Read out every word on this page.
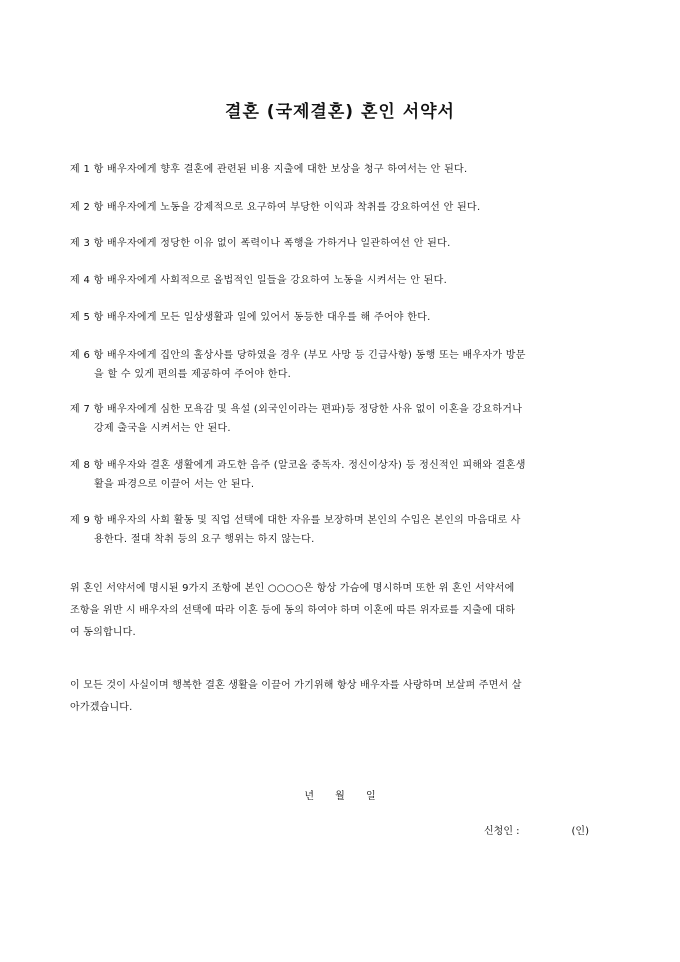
결혼 (국제결혼) 혼인 서약서
제 1 항 배우자에게 향후 결혼에 관련된 비용 지출에 대한 보상을 청구 하여서는 안 된다.
제 2 항 배우자에게 노동을 강제적으로 요구하여 부당한 이익과 착취를 강요하여선 안 된다.
제 3 항 배우자에게 정당한 이유 없이 폭력이나 폭행을 가하거나 일관하여선 안 된다.
제 4 항 배우자에게 사회적으로 올법적인 일들을 강요하여 노동을 시켜서는 안 된다.
제 5 항 배우자에게 모든 일상생활과 일에 있어서 동등한 대우를 해 주어야 한다.
제 6 항 배우자에게 집안의 홀상사를 당하였을 경우 (부모 사망 등 긴급사항) 동행 또는 배우자가 방문
을 할 수 있게 편의를 제공하여 주어야 한다.
제 7 항 배우자에게 심한 모욕감 및 욕설 (외국인이라는 편파)등 정당한 사유 없이 이혼을 강요하거나
강제 출국을 시켜서는 안 된다.
제 8 항 배우자와 결혼 생활에게 과도한 음주 (알코올 중독자. 정신이상자) 등 정신적인 피해와 결혼생
활을 파경으로 이끌어 서는 안 된다.
제 9 항 배우자의 사회 활동 및 직업 선택에 대한 자유를 보장하며 본인의 수입은 본인의 마음대로 사
용한다. 절대 착취 등의 요구 행위는 하지 않는다.
위 혼인 서약서에 명시된 9가지 조항에 본인 ○○○○은 항상 가슴에 명시하며 또한 위 혼인 서약서에
조항을 위반 시 배우자의 선택에 따라 이혼 등에 동의 하여야 하며 이혼에 따른 위자료를 지출에 대하
여 동의합니다.
이 모든 것이 사실이며 행복한 결혼 생활을 이끌어 가기위해 항상 배우자를 사랑하며 보살펴 주면서 살
아가겠습니다.
년 월 일
신청인 :	(인)
